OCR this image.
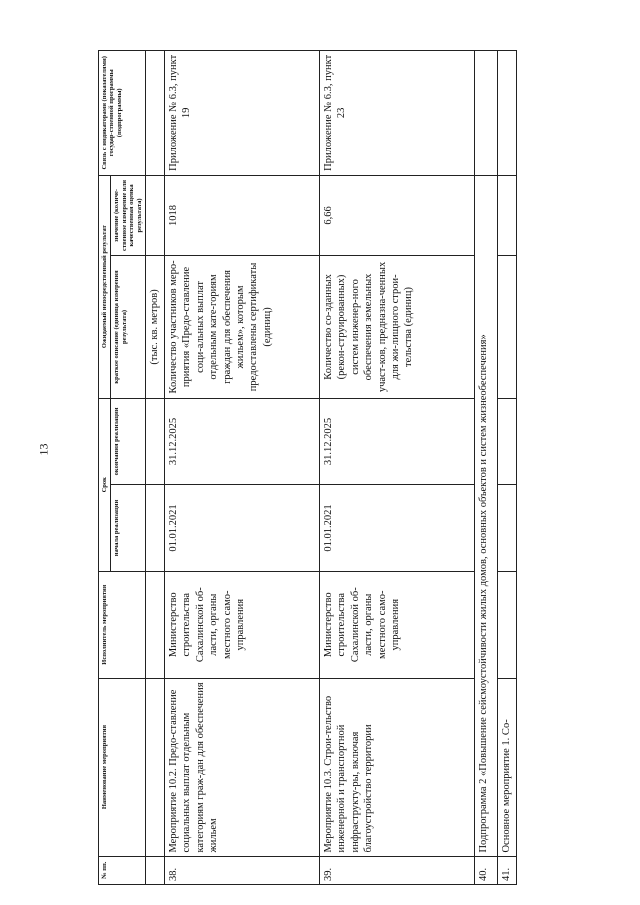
13
№ пп.	Наименование мероприятия	Исполнитель мероприятия	Срок		Ожидаемый непосредственный результат		Связь с индикаторами (показателями) государ-ственной программы (подпрограммы)
			начала реализации	окончания реализации	краткое описание (единица измерения результата)	значение (количе-ственное измерение или качественная оценка результата)	
					(тыс. кв. метров)		
38.	Мероприятие 10.2. Предо-ставление социальных выплат отдельным категориям граж-дан для обеспечения жильем	Министерство строительства Сахалинской об-ласти, органы местного само-управления	01.01.2021	31.12.2025	Количество участников меро-приятия «Предо-ставление соци-альных выплат отдельным кате-гориям граждан для обеспечения жильем», которым предоставлены сертификаты (единиц)	1018	Приложение № 6.3, пункт 19
39.	Мероприятие 10.3. Строи-тельство инженерной и транспортной инфраструкту-ры, включая благоустройство территории	Министерство строительства Сахалинской об-ласти, органы местного само-управления	01.01.2021	31.12.2025	Количество со-зданных (рекон-струированных) систем инженер-ного обеспечения земельных участ-ков, предназна-ченных для жи-лищного строи-тельства (единиц)	6,66	Приложение № 6.3, пункт 23
40.	Подпрограмма 2 «Повышение сейсмоустойчивости жилых домов, основных объектов и систем жизнеобеспечения»						
41.	Основное мероприятие 1. Со-						
